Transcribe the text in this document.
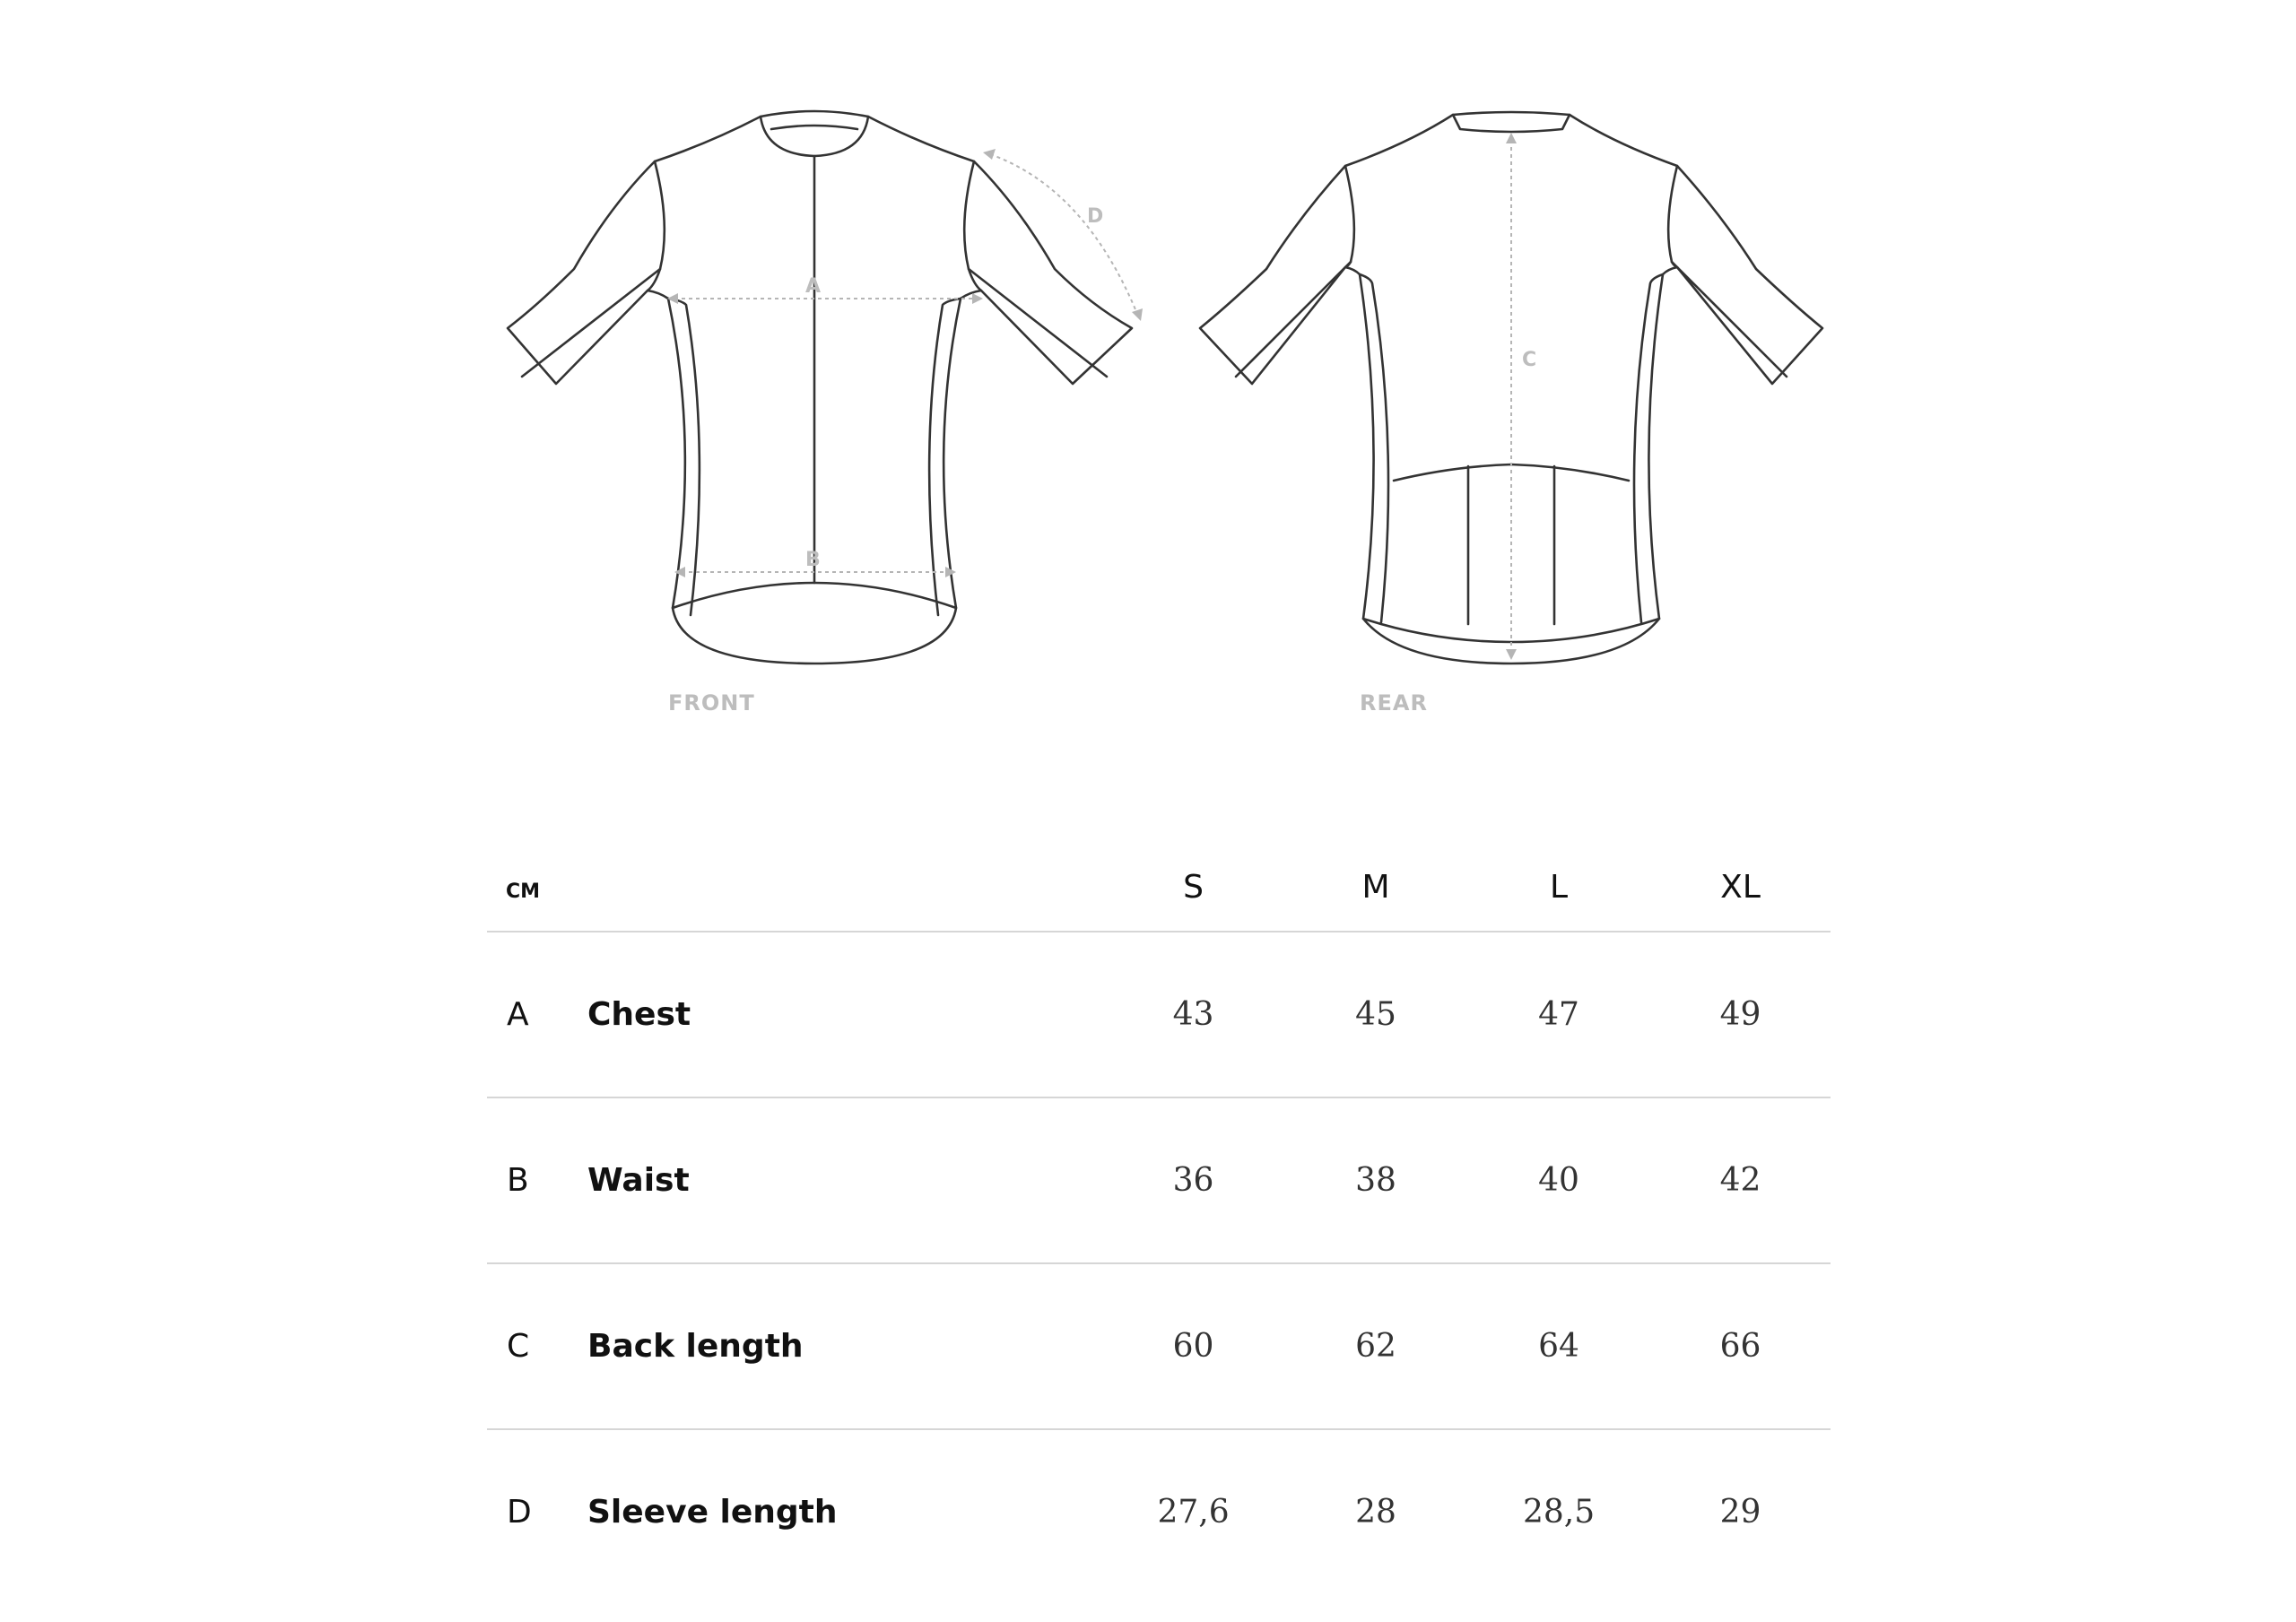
A
B
D
C
FRONT	REAR
CM		S	M	L	XL
A	Chest	43	45	47	49
B	Waist	36	38	40	42
C	Back length	60	62	64	66
D	Sleeve length	27,6	28	28,5	29
